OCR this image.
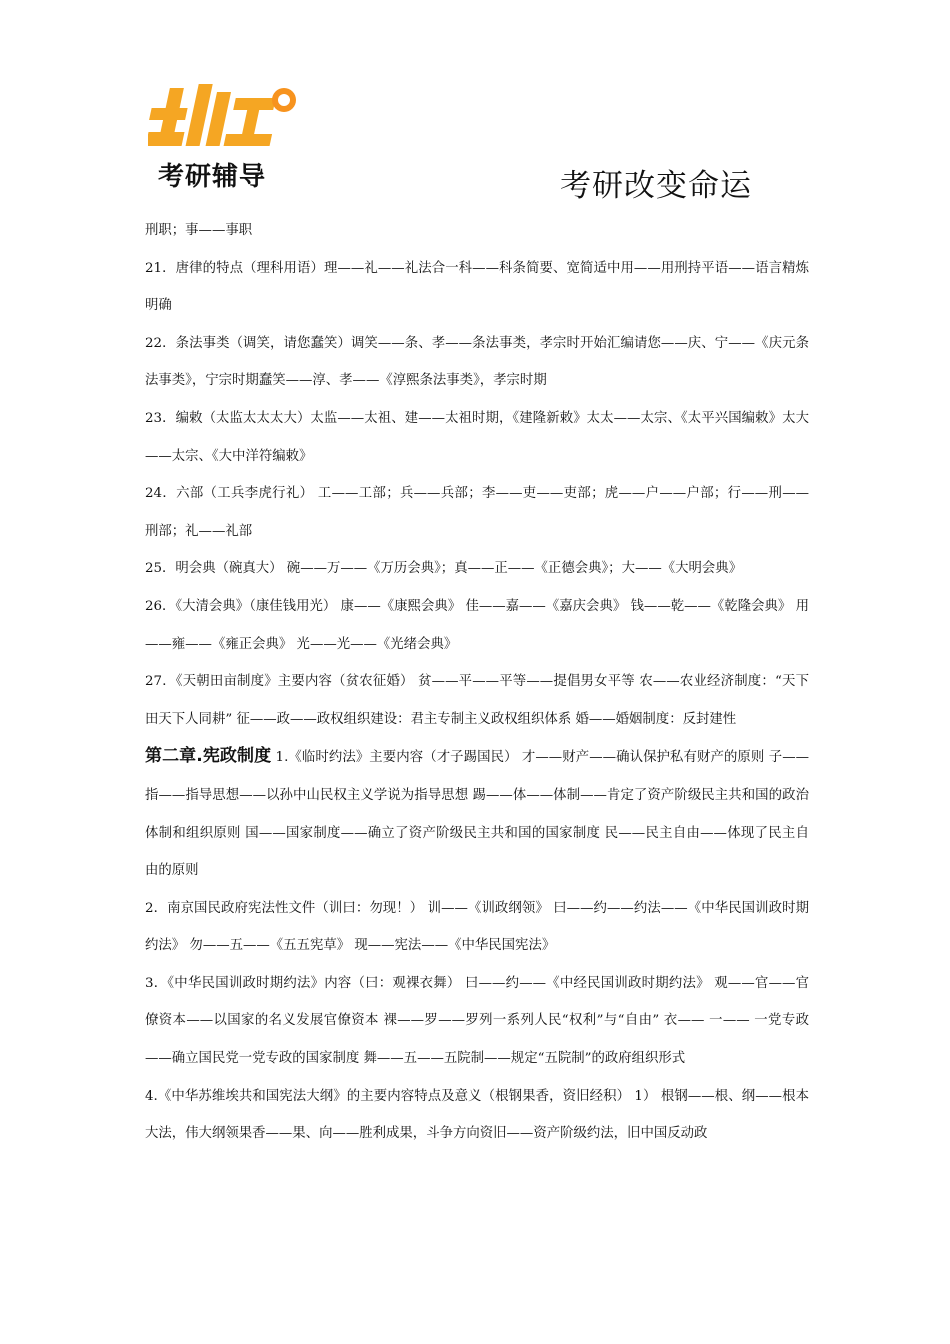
考研辅导	考研改变命运

刑职；事——事职

21．唐律的特点（理科用语）理——礼——礼法合一科——科条简要、宽简适中用——用刑持平语——语言精炼明确

22．条法事类（调笑，请您蠢笑）调笑——条、孝——条法事类，孝宗时开始汇编请您——庆、宁——《庆元条法事类》，宁宗时期蠢笑——淳、孝——《淳熙条法事类》，孝宗时期

23．编敕（太监太太太大）太监——太祖、建——太祖时期，《建隆新敕》太太——太宗、《太平兴国编敕》太大——太宗、《大中洋符编敕》

24．六部（工兵李虎行礼） 工——工部；兵——兵部；李——吏——吏部；虎——户——户部；行——刑——刑部；礼——礼部

25．明会典（碗真大） 碗——万——《万历会典》；真——正——《正德会典》；大——《大明会典》

26．《大清会典》（康佳钱用光） 康——《康熙会典》 佳——嘉——《嘉庆会典》 钱——乾——《乾隆会典》 用——雍——《雍正会典》 光——光——《光绪会典》

27．《天朝田亩制度》主要内容（贫农征婚） 贫——平——平等——提倡男女平等 农——农业经济制度：“天下田天下人同耕” 征——政——政权组织建设：君主专制主义政权组织体系 婚——婚姻制度：反封建性

第二章.宪政制度 1.《临时约法》主要内容（才子踢国民） 才——财产——确认保护私有财产的原则 子——指——指导思想——以孙中山民权主义学说为指导思想 踢——体——体制——肯定了资产阶级民主共和国的政治体制和组织原则 国——国家制度——确立了资产阶级民主共和国的国家制度 民——民主自由——体现了民主自由的原则

2．南京国民政府宪法性文件（训曰：勿现！） 训——《训政纲领》 曰——约——约法——《中华民国训政时期约法》 勿——五——《五五宪草》 现——宪法——《中华民国宪法》

3．《中华民国训政时期约法》内容（曰：观裸衣舞） 曰——约——《中经民国训政时期约法》 观——官——官僚资本——以国家的名义发展官僚资本 裸——罗——罗列一系列人民“权利”与“自由” 衣—— 一—— 一党专政——确立国民党一党专政的国家制度 舞——五——五院制——规定“五院制”的政府组织形式

4.《中华苏维埃共和国宪法大纲》的主要内容特点及意义（根钢果香，资旧经积） 1） 根钢——根、纲——根本大法，伟大纲领果香——果、向——胜利成果，斗争方向资旧——资产阶级约法，旧中国反动政
